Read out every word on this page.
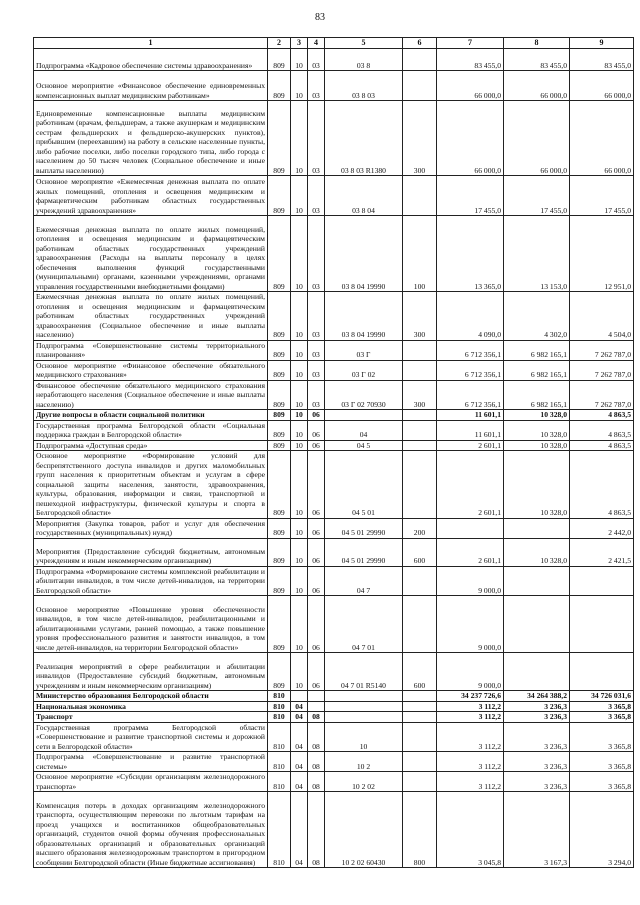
83
1	2	3	4	5	6	7	8	9
Подпрограмма «Кадровое обеспечение системы здравоохранения»	809	10	03	03 8		83 455,0	83 455,0	83 455,0
Основное мероприятие «Финансовое обеспечение единовременных компенсационных выплат медицинским работникам»	809	10	03	03 8 03		66 000,0	66 000,0	66 000,0
Единовременные компенсационные выплаты медицинским работникам (врачам, фельдшерам, а также акушеркам и медицинским сестрам фельдшерских и фельдшерско-акушерских пунктов), прибывшим (переехавшим) на работу в сельские населенные пункты, либо рабочие поселки, либо поселки городского типа, либо города с населением до 50 тысяч человек (Социальное обеспечение и иные выплаты населению)	809	10	03	03 8 03 R1380	300	66 000,0	66 000,0	66 000,0
Основное мероприятие «Ежемесячная денежная выплата по оплате жилых помещений, отопления и освещения медицинским и фармацевтическим работникам областных государственных учреждений здравоохранения»	809	10	03	03 8 04		17 455,0	17 455,0	17 455,0
Ежемесячная денежная выплата по оплате жилых помещений, отопления и освещения медицинским и фармацевтическим работникам областных государственных учреждений здравоохранения (Расходы на выплаты персоналу в целях обеспечения выполнения функций государственными (муниципальными) органами, казенными учреждениями, органами управления государственными внебюджетными фондами)	809	10	03	03 8 04 19990	100	13 365,0	13 153,0	12 951,0
Ежемесячная денежная выплата по оплате жилых помещений, отопления и освещения медицинским и фармацевтическим работникам областных государственных учреждений здравоохранения (Социальное обеспечение и иные выплаты населению)	809	10	03	03 8 04 19990	300	4 090,0	4 302,0	4 504,0
Подпрограмма «Совершенствование системы территориального планирования»	809	10	03	03 Г		6 712 356,1	6 982 165,1	7 262 787,0
Основное мероприятие «Финансовое обеспечение обязательного медицинского страхования»	809	10	03	03 Г 02		6 712 356,1	6 982 165,1	7 262 787,0
Финансовое обеспечение обязательного медицинского страхования неработающего населения (Социальное обеспечение и иные выплаты населению)	809	10	03	03 Г 02 70930	300	6 712 356,1	6 982 165,1	7 262 787,0
Другие вопросы в области социальной политики	809	10	06			11 601,1	10 328,0	4 863,5
Государственная программа Белгородской области «Социальная поддержка граждан в Белгородской области»	809	10	06	04		11 601,1	10 328,0	4 863,5
Подпрограмма «Доступная среда»	809	10	06	04 5		2 601,1	10 328,0	4 863,5
Основное мероприятие «Формирование условий для беспрепятственного доступа инвалидов и других маломобильных групп населения к приоритетным объектам и услугам в сфере социальной защиты населения, занятости, здравоохранения, культуры, образования, информации и связи, транспортной и пешеходной инфраструктуры, физической культуры и спорта в Белгородской области»	809	10	06	04 5 01		2 601,1	10 328,0	4 863,5
Мероприятия (Закупка товаров, работ и услуг для обеспечения государственных (муниципальных) нужд)	809	10	06	04 5 01 29990	200			2 442,0
Мероприятия (Предоставление субсидий бюджетным, автономным учреждениям и иным некоммерческим организациям)	809	10	06	04 5 01 29990	600	2 601,1	10 328,0	2 421,5
Подпрограмма «Формирование системы комплексной реабилитации и абилитации инвалидов, в том числе детей-инвалидов, на территории Белгородской области»	809	10	06	04 7		9 000,0		
Основное мероприятие «Повышение уровня обеспеченности инвалидов, в том числе детей-инвалидов, реабилитационными и абилитационными услугами, ранней помощью, а также повышение уровня профессионального развития и занятости инвалидов, в том числе детей-инвалидов, на территории Белгородской области»	809	10	06	04 7 01		9 000,0		
Реализация мероприятий в сфере реабилитации и абилитации инвалидов (Предоставление субсидий бюджетным, автономным учреждениям и иным некоммерческим организациям)	809	10	06	04 7 01 R5140	600	9 000,0		
Министерство образования Белгородской области	810					34 237 726,6	34 264 388,2	34 726 031,6
Национальная экономика	810	04				3 112,2	3 236,3	3 365,8
Транспорт	810	04	08			3 112,2	3 236,3	3 365,8
Государственная программа Белгородской области «Совершенствование и развитие транспортной системы и дорожной сети в Белгородской области»	810	04	08	10		3 112,2	3 236,3	3 365,8
Подпрограмма «Совершенствование и развитие транспортной системы»	810	04	08	10 2		3 112,2	3 236,3	3 365,8
Основное мероприятие «Субсидии организациям железнодорожного транспорта»	810	04	08	10 2 02		3 112,2	3 236,3	3 365,8
Компенсация потерь в доходах организациям железнодорожного транспорта, осуществляющим перевозки по льготным тарифам на проезд учащихся и воспитанников общеобразовательных организаций, студентов очной формы обучения профессиональных образовательных организаций и образовательных организаций высшего образования железнодорожным транспортом в пригородном сообщении Белгородской области (Иные бюджетные ассигнования)	810	04	08	10 2 02 60430	800	3 045,8	3 167,3	3 294,0
